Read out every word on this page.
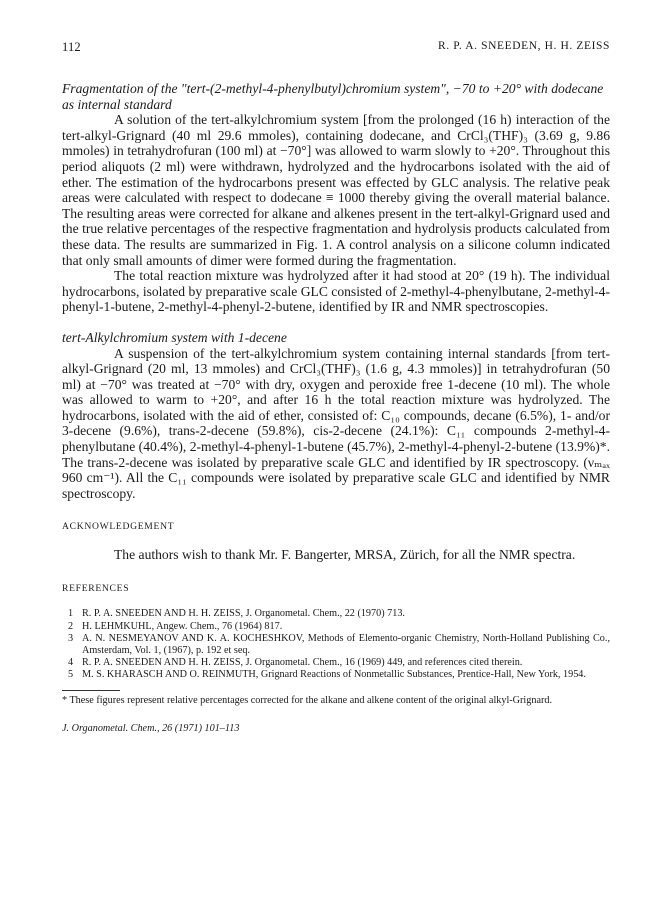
112	R. P. A. SNEEDEN, H. H. ZEISS

Fragmentation of the "tert-(2-methyl-4-phenylbutyl)chromium system", −70 to +20° with dodecane as internal standard

A solution of the tert-alkylchromium system [from the prolonged (16 h) interaction of the tert-alkyl-Grignard (40 ml 29.6 mmoles), containing dodecane, and CrCl₃(THF)₃ (3.69 g, 9.86 mmoles) in tetrahydrofuran (100 ml) at −70°] was allowed to warm slowly to +20°. Throughout this period aliquots (2 ml) were withdrawn, hydrolyzed and the hydrocarbons isolated with the aid of ether. The estimation of the hydrocarbons present was effected by GLC analysis. The relative peak areas were calculated with respect to dodecane ≡ 1000 thereby giving the overall material balance. The resulting areas were corrected for alkane and alkenes present in the tert-alkyl-Grignard used and the true relative percentages of the respective fragmentation and hydrolysis products calculated from these data. The results are summarized in Fig. 1. A control analysis on a silicone column indicated that only small amounts of dimer were formed during the fragmentation.

The total reaction mixture was hydrolyzed after it had stood at 20° (19 h). The individual hydrocarbons, isolated by preparative scale GLC consisted of 2-methyl-4-phenylbutane, 2-methyl-4-phenyl-1-butene, 2-methyl-4-phenyl-2-butene, identified by IR and NMR spectroscopies.

tert-Alkylchromium system with 1-decene

A suspension of the tert-alkylchromium system containing internal standards [from tert-alkyl-Grignard (20 ml, 13 mmoles) and CrCl₃(THF)₃ (1.6 g, 4.3 mmoles)] in tetrahydrofuran (50 ml) at −70° was treated at −70° with dry, oxygen and peroxide free 1-decene (10 ml). The whole was allowed to warm to +20°, and after 16 h the total reaction mixture was hydrolyzed. The hydrocarbons, isolated with the aid of ether, consisted of: C₁₀ compounds, decane (6.5%), 1- and/or 3-decene (9.6%), trans-2-decene (59.8%), cis-2-decene (24.1%): C₁₁ compounds 2-methyl-4-phenylbutane (40.4%), 2-methyl-4-phenyl-1-butene (45.7%), 2-methyl-4-phenyl-2-butene (13.9%)*. The trans-2-decene was isolated by preparative scale GLC and identified by IR spectroscopy. (νₘₐₓ 960 cm⁻¹). All the C₁₁ compounds were isolated by preparative scale GLC and identified by NMR spectroscopy.

ACKNOWLEDGEMENT

The authors wish to thank Mr. F. Bangerter, MRSA, Zürich, for all the NMR spectra.

REFERENCES
1 R. P. A. SNEEDEN AND H. H. ZEISS, J. Organometal. Chem., 22 (1970) 713.
2 H. LEHMKUHL, Angew. Chem., 76 (1964) 817.
3 A. N. NESMEYANOV AND K. A. KOCHESHKOV, Methods of Elemento-organic Chemistry, North-Holland Publishing Co., Amsterdam, Vol. 1, (1967), p. 192 et seq.
4 R. P. A. SNEEDEN AND H. H. ZEISS, J. Organometal. Chem., 16 (1969) 449, and references cited therein.
5 M. S. KHARASCH AND O. REINMUTH, Grignard Reactions of Nonmetallic Substances, Prentice-Hall, New York, 1954.

* These figures represent relative percentages corrected for the alkane and alkene content of the original alkyl-Grignard.

J. Organometal. Chem., 26 (1971) 101–113
